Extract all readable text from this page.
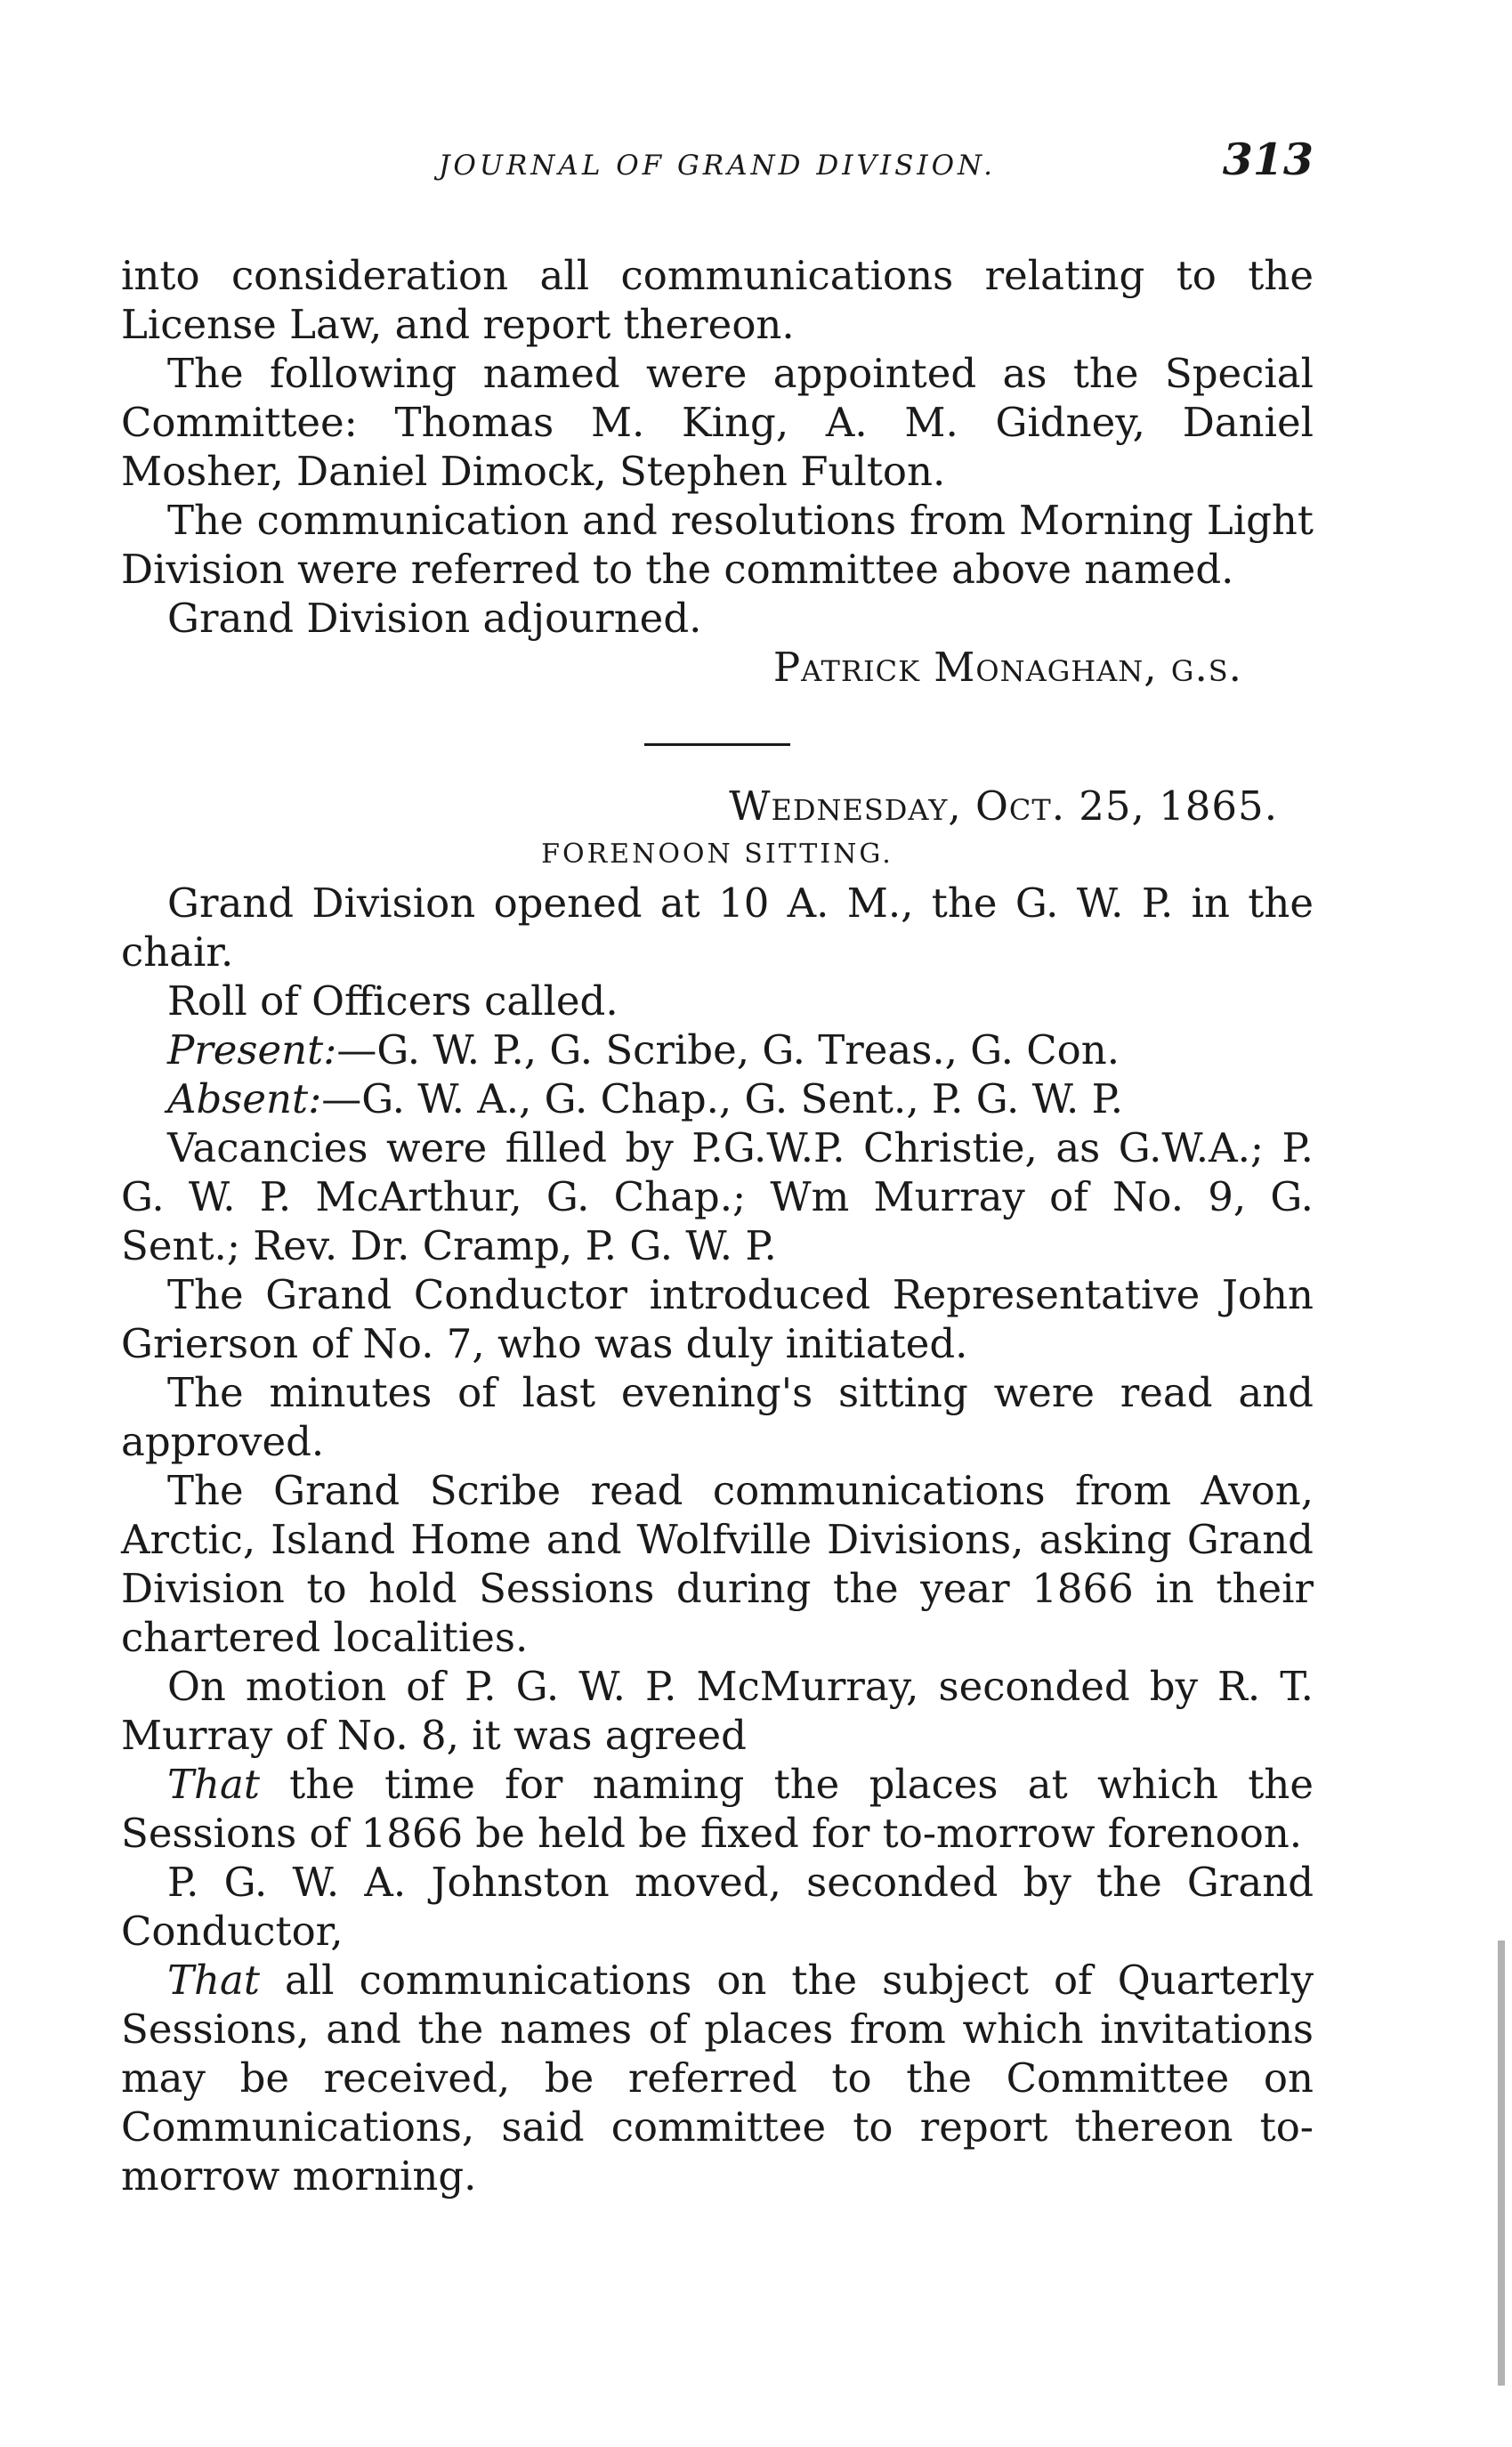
JOURNAL OF GRAND DIVISION.	313

into consideration all communications relating to the License Law, and report thereon.

The following named were appointed as the Special Committee: Thomas M. King, A. M. Gidney, Daniel Mosher, Daniel Dimock, Stephen Fulton.

The communication and resolutions from Morning Light Division were referred to the committee above named.

Grand Division adjourned.

Patrick Monaghan, g.s.

Wednesday, Oct. 25, 1865.

FORENOON SITTING.

Grand Division opened at 10 A. M., the G. W. P. in the chair.

Roll of Officers called.

Present:—G. W. P., G. Scribe, G. Treas., G. Con.

Absent:—G. W. A., G. Chap., G. Sent., P. G. W. P.

Vacancies were filled by P.G.W.P. Christie, as G.W.A.; P. G. W. P. McArthur, G. Chap.; Wm Murray of No. 9, G. Sent.; Rev. Dr. Cramp, P. G. W. P.

The Grand Conductor introduced Representative John Grierson of No. 7, who was duly initiated.

The minutes of last evening's sitting were read and approved.

The Grand Scribe read communications from Avon, Arctic, Island Home and Wolfville Divisions, asking Grand Division to hold Sessions during the year 1866 in their chartered localities.

On motion of P. G. W. P. McMurray, seconded by R. T. Murray of No. 8, it was agreed

That the time for naming the places at which the Sessions of 1866 be held be fixed for to-morrow forenoon.

P. G. W. A. Johnston moved, seconded by the Grand Conductor,

That all communications on the subject of Quarterly Sessions, and the names of places from which invitations may be received, be referred to the Committee on Communications, said committee to report thereon to-morrow morning.
